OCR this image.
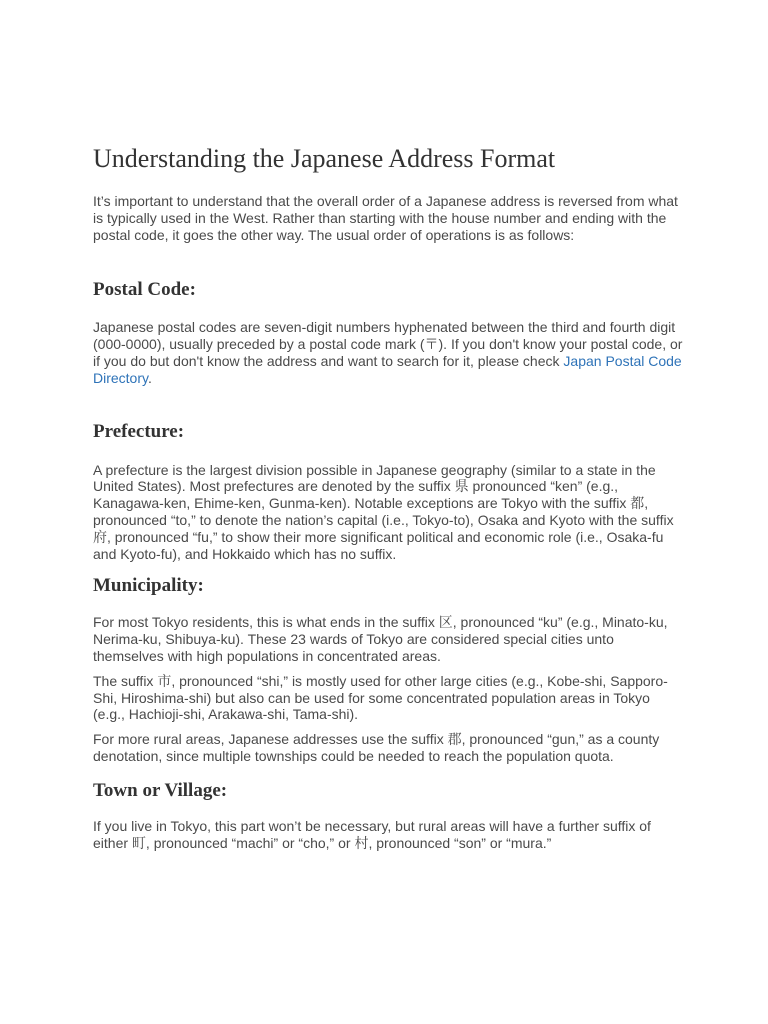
Understanding the Japanese Address Format

It’s important to understand that the overall order of a Japanese address is reversed from what is typically used in the West. Rather than starting with the house number and ending with the postal code, it goes the other way. The usual order of operations is as follows:

Postal Code:

Japanese postal codes are seven-digit numbers hyphenated between the third and fourth digit (000-0000), usually preceded by a postal code mark (〒). If you don't know your postal code, or if you do but don't know the address and want to search for it, please check Japan Postal Code Directory.

Prefecture:

A prefecture is the largest division possible in Japanese geography (similar to a state in the United States). Most prefectures are denoted by the suffix 県 pronounced “ken” (e.g., Kanagawa-ken, Ehime-ken, Gunma-ken). Notable exceptions are Tokyo with the suffix 都, pronounced “to,” to denote the nation’s capital (i.e., Tokyo-to), Osaka and Kyoto with the suffix 府, pronounced “fu,” to show their more significant political and economic role (i.e., Osaka-fu and Kyoto-fu), and Hokkaido which has no suffix.

Municipality:

For most Tokyo residents, this is what ends in the suffix 区, pronounced “ku” (e.g., Minato-ku, Nerima-ku, Shibuya-ku). These 23 wards of Tokyo are considered special cities unto themselves with high populations in concentrated areas.

The suffix 市, pronounced “shi,” is mostly used for other large cities (e.g., Kobe-shi, Sapporo-Shi, Hiroshima-shi) but also can be used for some concentrated population areas in Tokyo (e.g., Hachioji-shi, Arakawa-shi, Tama-shi).

For more rural areas, Japanese addresses use the suffix 郡, pronounced “gun,” as a county denotation, since multiple townships could be needed to reach the population quota.

Town or Village:

If you live in Tokyo, this part won’t be necessary, but rural areas will have a further suffix of either 町, pronounced “machi” or “cho,” or 村, pronounced “son” or “mura.”
